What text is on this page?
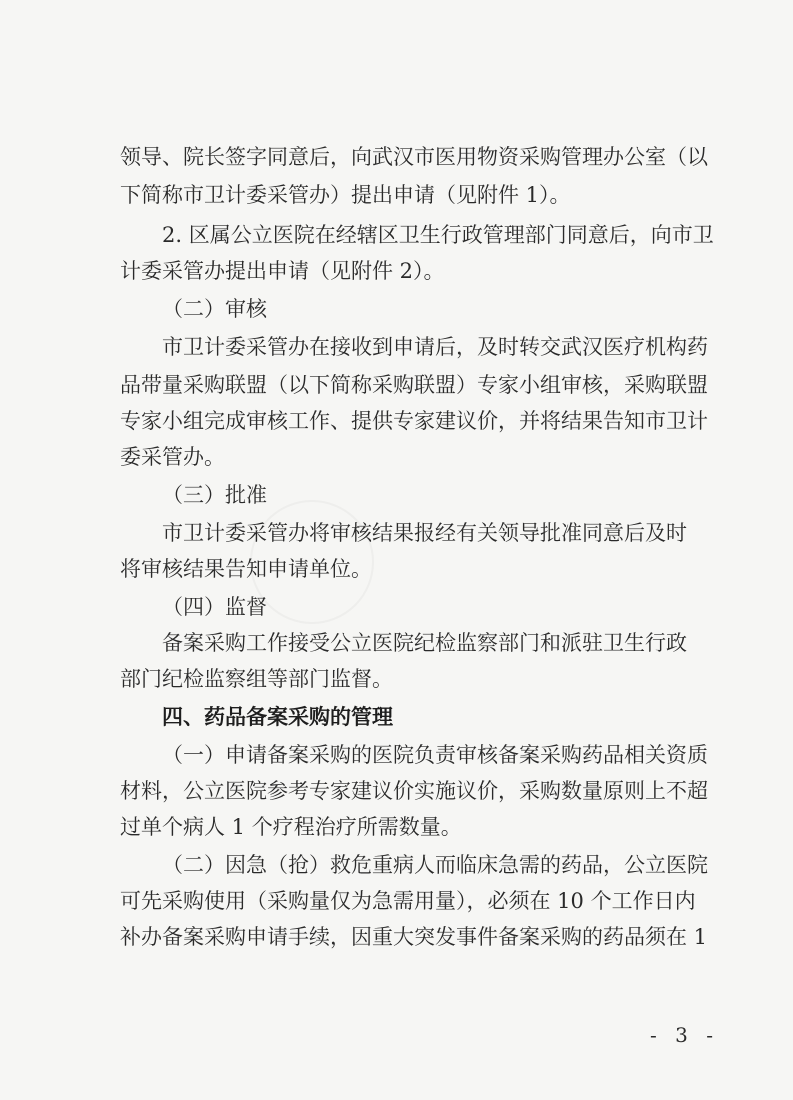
领导、院长签字同意后，向武汉市医用物资采购管理办公室（以
下简称市卫计委采管办）提出申请（见附件 1）。
2. 区属公立医院在经辖区卫生行政管理部门同意后，向市卫
计委采管办提出申请（见附件 2）。
（二）审核
市卫计委采管办在接收到申请后，及时转交武汉医疗机构药
品带量采购联盟（以下简称采购联盟）专家小组审核，采购联盟
专家小组完成审核工作、提供专家建议价，并将结果告知市卫计
委采管办。
（三）批准
市卫计委采管办将审核结果报经有关领导批准同意后及时
将审核结果告知申请单位。
（四）监督
备案采购工作接受公立医院纪检监察部门和派驻卫生行政
部门纪检监察组等部门监督。
四、药品备案采购的管理
（一）申请备案采购的医院负责审核备案采购药品相关资质
材料，公立医院参考专家建议价实施议价，采购数量原则上不超
过单个病人 1 个疗程治疗所需数量。
（二）因急（抢）救危重病人而临床急需的药品，公立医院
可先采购使用（采购量仅为急需用量），必须在 10 个工作日内
补办备案采购申请手续，因重大突发事件备案采购的药品须在 1
- 3 -
